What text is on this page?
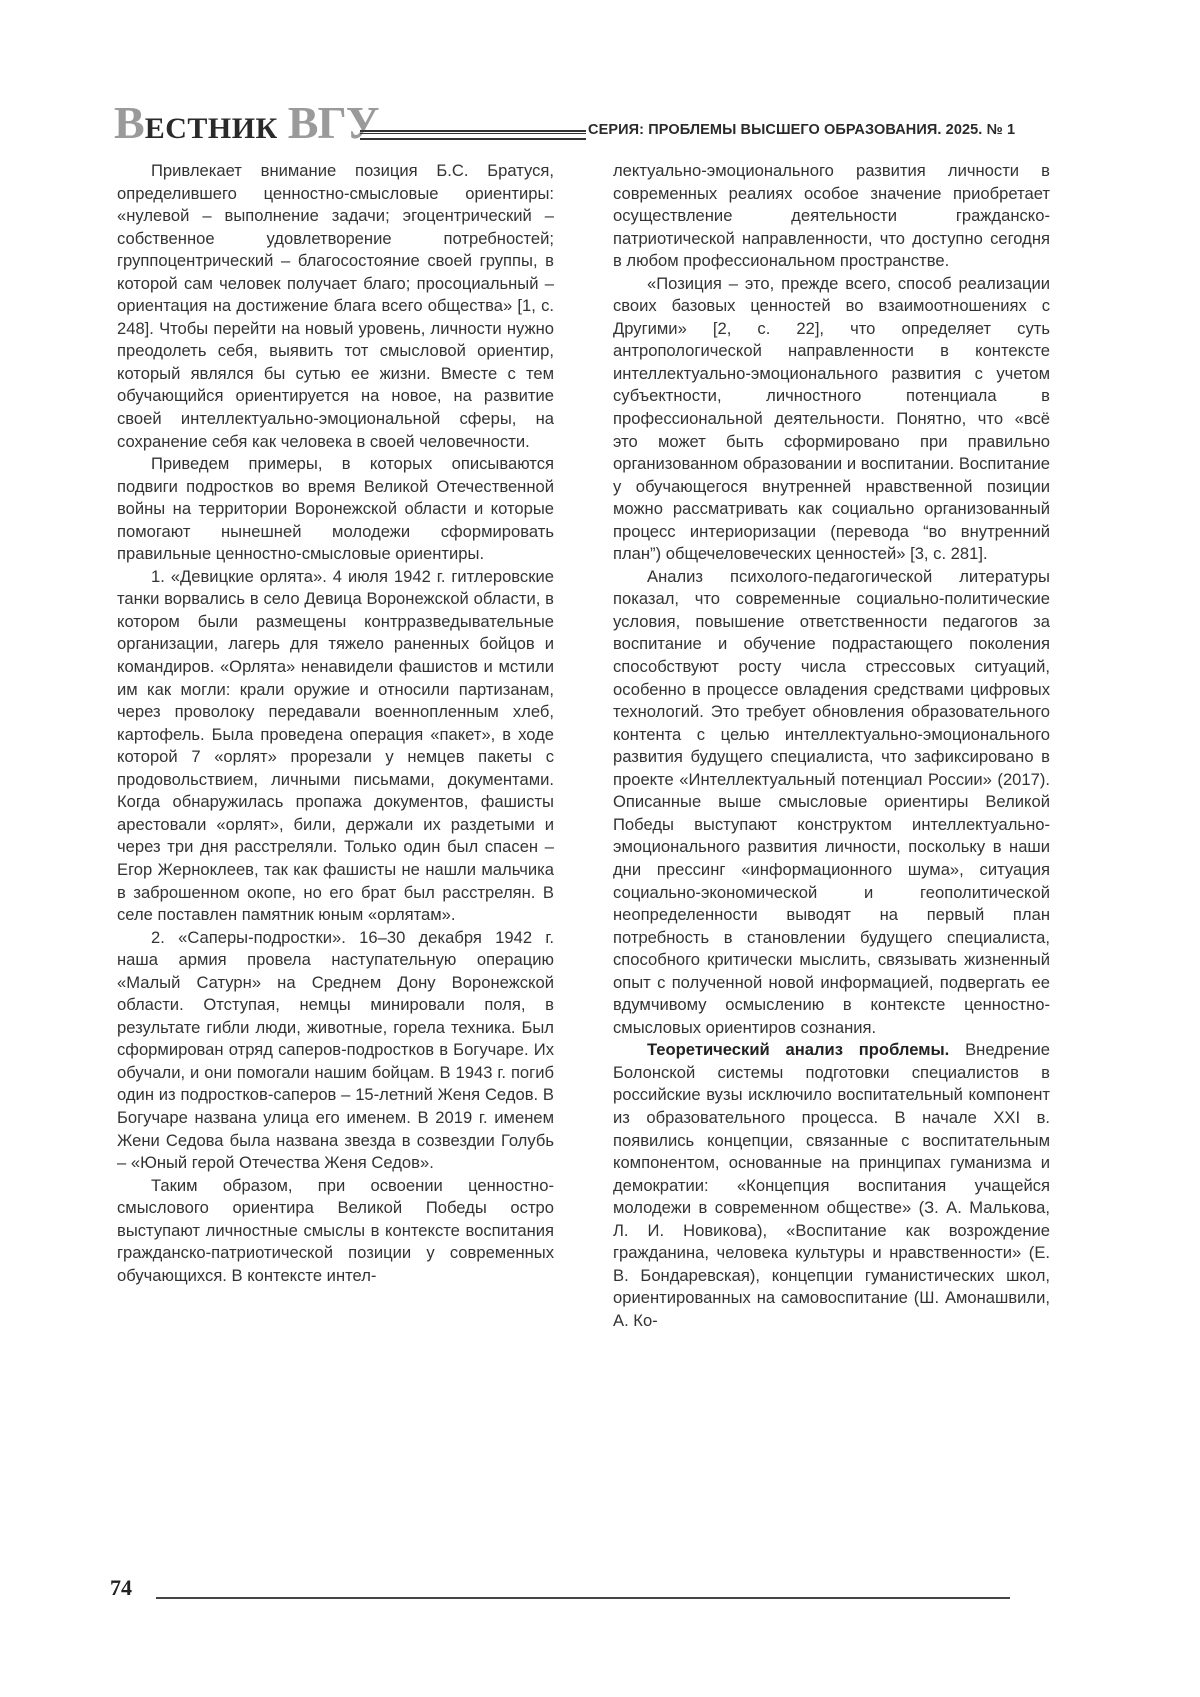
ВЕСТНИК ВГУ	СЕРИЯ: ПРОБЛЕМЫ ВЫСШЕГО ОБРАЗОВАНИЯ. 2025. № 1

Привлекает внимание позиция Б.С. Братуся, определившего ценностно-смысловые ориентиры: «нулевой – выполнение задачи; эгоцентрический – собственное удовлетворение потребностей; группоцентрический – благосостояние своей группы, в которой сам человек получает благо; просоциальный – ориентация на достижение блага всего общества» [1, с. 248]. Чтобы перейти на новый уровень, личности нужно преодолеть себя, выявить тот смысловой ориентир, который являлся бы сутью ее жизни. Вместе с тем обучающийся ориентируется на новое, на развитие своей интеллектуально-эмоциональной сферы, на сохранение себя как человека в своей человечности.

Приведем примеры, в которых описываются подвиги подростков во время Великой Отечественной войны на территории Воронежской области и которые помогают нынешней молодежи сформировать правильные ценностно-смысловые ориентиры.

1. «Девицкие орлята». 4 июля 1942 г. гитлеровские танки ворвались в село Девица Воронежской области, в котором были размещены контрразведывательные организации, лагерь для тяжело раненных бойцов и командиров. «Орлята» ненавидели фашистов и мстили им как могли: крали оружие и относили партизанам, через проволоку передавали военнопленным хлеб, картофель. Была проведена операция «пакет», в ходе которой 7 «орлят» прорезали у немцев пакеты с продовольствием, личными письмами, документами. Когда обнаружилась пропажа документов, фашисты арестовали «орлят», били, держали их раздетыми и через три дня расстреляли. Только один был спасен – Егор Жерноклеев, так как фашисты не нашли мальчика в заброшенном окопе, но его брат был расстрелян. В селе поставлен памятник юным «орлятам».

2. «Саперы-подростки». 16–30 декабря 1942 г. наша армия провела наступательную операцию «Малый Сатурн» на Среднем Дону Воронежской области. Отступая, немцы минировали поля, в результате гибли люди, животные, горела техника. Был сформирован отряд саперов-подростков в Богучаре. Их обучали, и они помогали нашим бойцам. В 1943 г. погиб один из подростков-саперов – 15-летний Женя Седов. В Богучаре названа улица его именем. В 2019 г. именем Жени Седова была названа звезда в созвездии Голубь – «Юный герой Отечества Женя Седов».

Таким образом, при освоении ценностно-смыслового ориентира Великой Победы остро выступают личностные смыслы в контексте воспитания гражданско-патриотической позиции у современных обучающихся. В контексте интел-

лектуально-эмоционального развития личности в современных реалиях особое значение приобретает осуществление деятельности гражданско-патриотической направленности, что доступно сегодня в любом профессиональном пространстве.

«Позиция – это, прежде всего, способ реализации своих базовых ценностей во взаимоотношениях с Другими» [2, с. 22], что определяет суть антропологической направленности в контексте интеллектуально-эмоционального развития с учетом субъектности, личностного потенциала в профессиональной деятельности. Понятно, что «всё это может быть сформировано при правильно организованном образовании и воспитании. Воспитание у обучающегося внутренней нравственной позиции можно рассматривать как социально организованный процесс интериоризации (перевода “во внутренний план”) общечеловеческих ценностей» [3, с. 281].

Анализ психолого-педагогической литературы показал, что современные социально-политические условия, повышение ответственности педагогов за воспитание и обучение подрастающего поколения способствуют росту числа стрессовых ситуаций, особенно в процессе овладения средствами цифровых технологий. Это требует обновления образовательного контента с целью интеллектуально-эмоционального развития будущего специалиста, что зафиксировано в проекте «Интеллектуальный потенциал России» (2017). Описанные выше смысловые ориентиры Великой Победы выступают конструктом интеллектуально-эмоционального развития личности, поскольку в наши дни прессинг «информационного шума», ситуация социально-экономической и геополитической неопределенности выводят на первый план потребность в становлении будущего специалиста, способного критически мыслить, связывать жизненный опыт с полученной новой информацией, подвергать ее вдумчивому осмыслению в контексте ценностно-смысловых ориентиров сознания.

Теоретический анализ проблемы. Внедрение Болонской системы подготовки специалистов в российские вузы исключило воспитательный компонент из образовательного процесса. В начале XXI в. появились концепции, связанные с воспитательным компонентом, основанные на принципах гуманизма и демократии: «Концепция воспитания учащейся молодежи в современном обществе» (З. А. Малькова, Л. И. Новикова), «Воспитание как возрождение гражданина, человека культуры и нравственности» (Е. В. Бондаревская), концепции гуманистических школ, ориентированных на самовоспитание (Ш. Амонашвили, А. Ко-

74
